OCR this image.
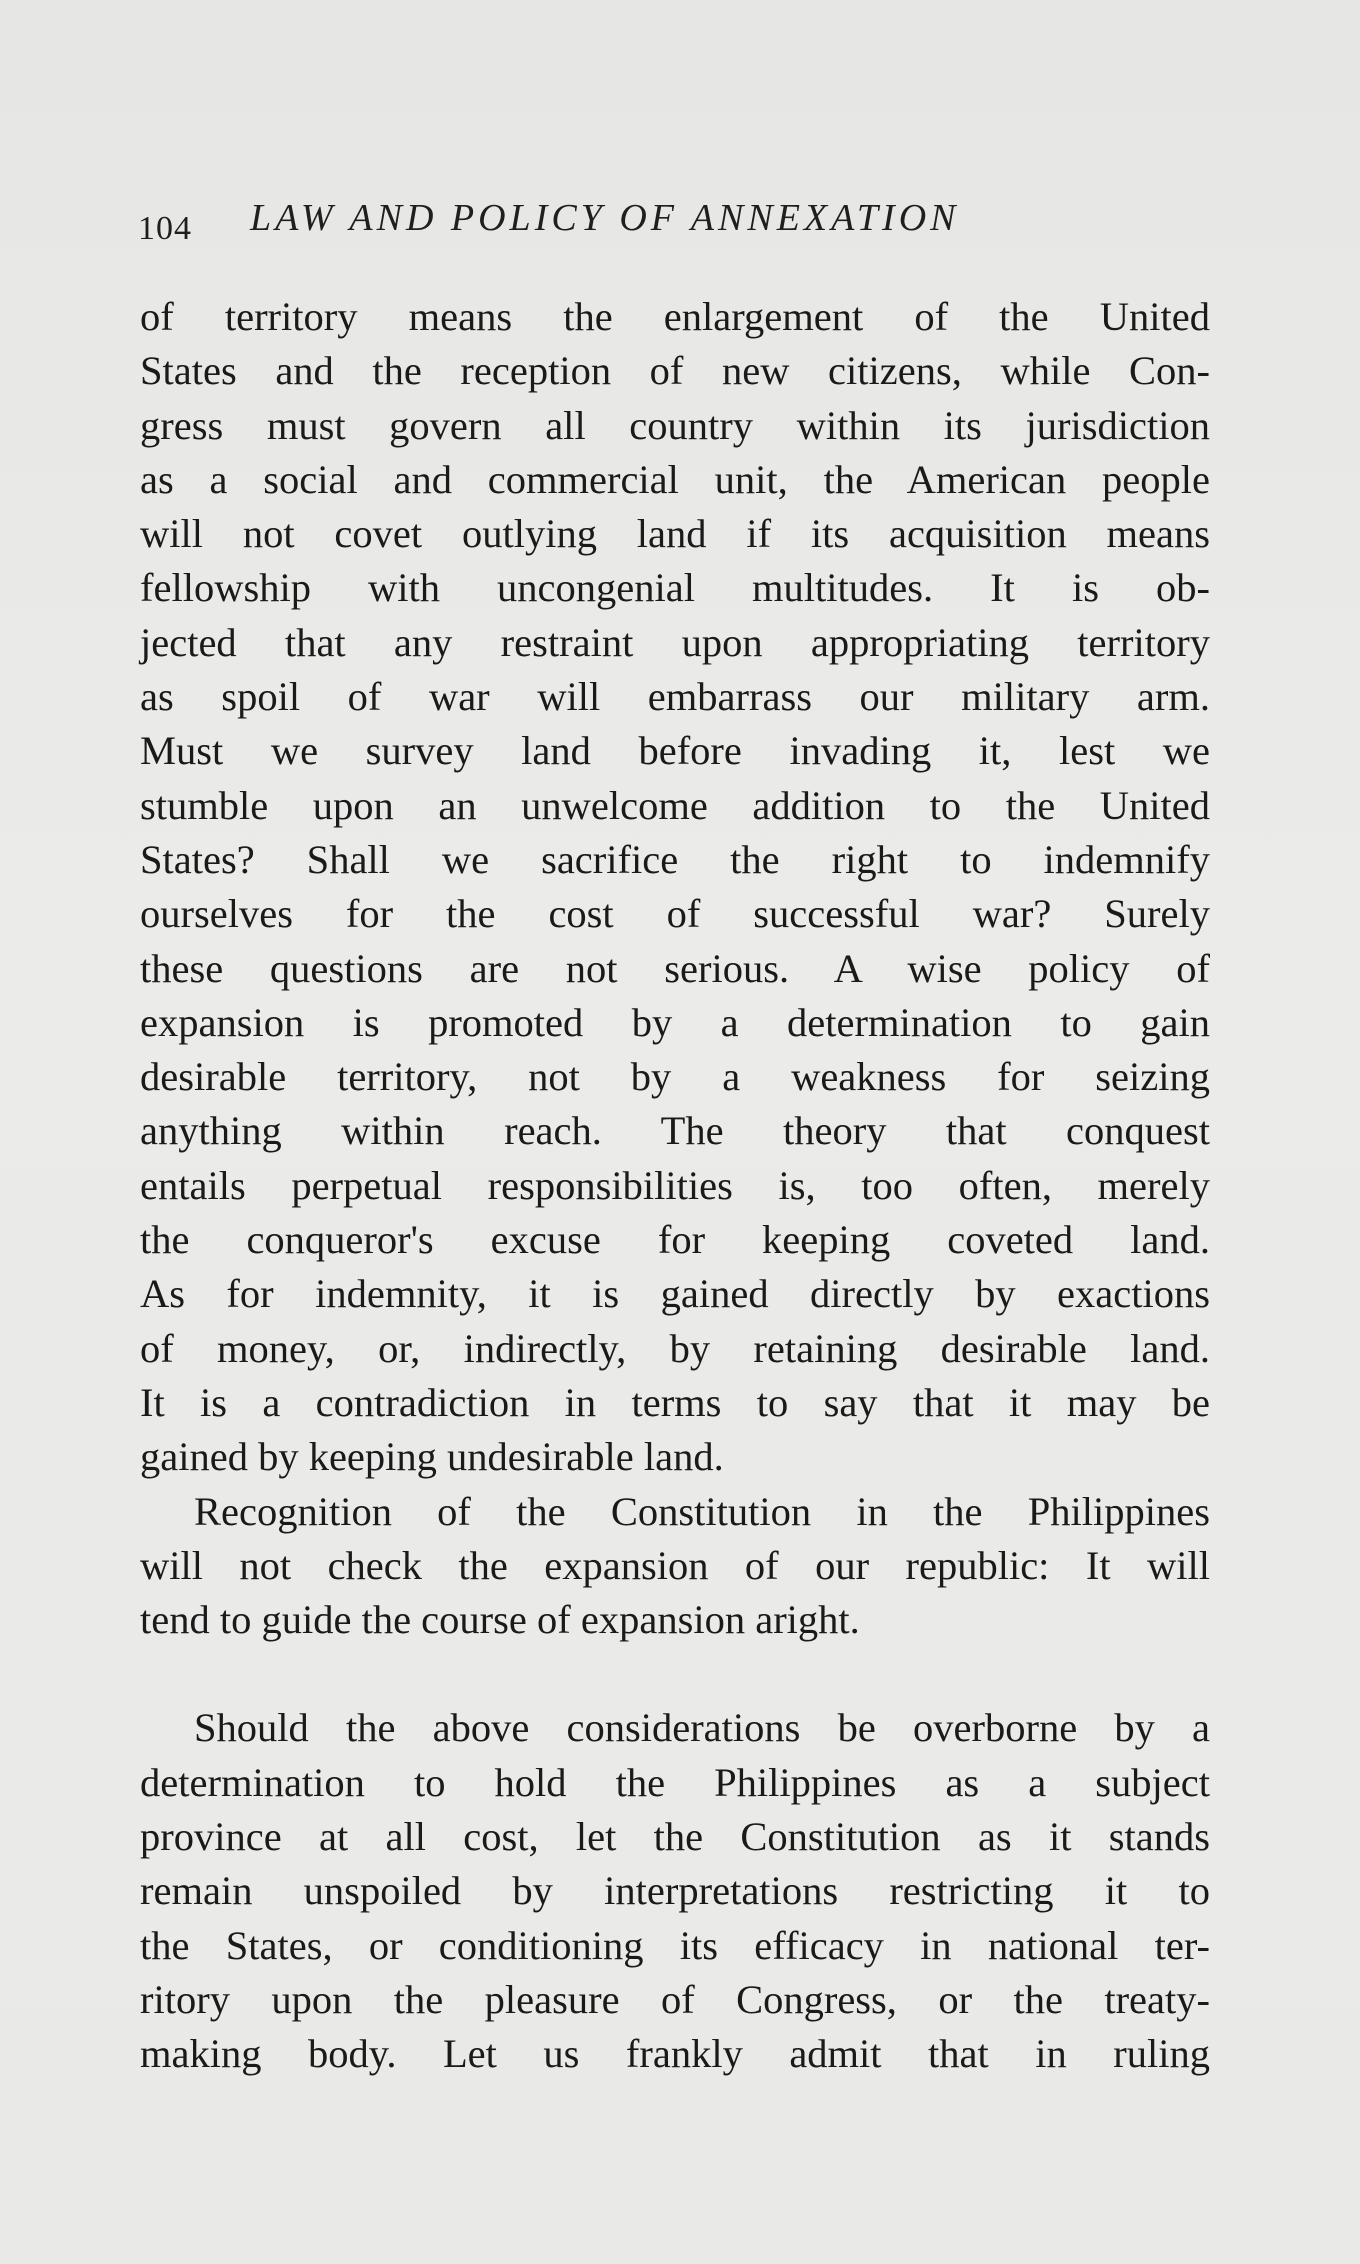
104 LAW AND POLICY OF ANNEXATION

of territory means the enlargement of the United
States and the reception of new citizens, while Con-
gress must govern all country within its jurisdiction
as a social and commercial unit, the American people
will not covet outlying land if its acquisition means
fellowship with uncongenial multitudes. It is ob-
jected that any restraint upon appropriating territory
as spoil of war will embarrass our military arm.
Must we survey land before invading it, lest we
stumble upon an unwelcome addition to the United
States? Shall we sacrifice the right to indemnify
ourselves for the cost of successful war? Surely
these questions are not serious. A wise policy of
expansion is promoted by a determination to gain
desirable territory, not by a weakness for seizing
anything within reach. The theory that conquest
entails perpetual responsibilities is, too often, merely
the conqueror's excuse for keeping coveted land.
As for indemnity, it is gained directly by exactions
of money, or, indirectly, by retaining desirable land.
It is a contradiction in terms to say that it may be
gained by keeping undesirable land.

Recognition of the Constitution in the Philippines
will not check the expansion of our republic: It will
tend to guide the course of expansion aright.

Should the above considerations be overborne by a
determination to hold the Philippines as a subject
province at all cost, let the Constitution as it stands
remain unspoiled by interpretations restricting it to
the States, or conditioning its efficacy in national ter-
ritory upon the pleasure of Congress, or the treaty-
making body. Let us frankly admit that in ruling
